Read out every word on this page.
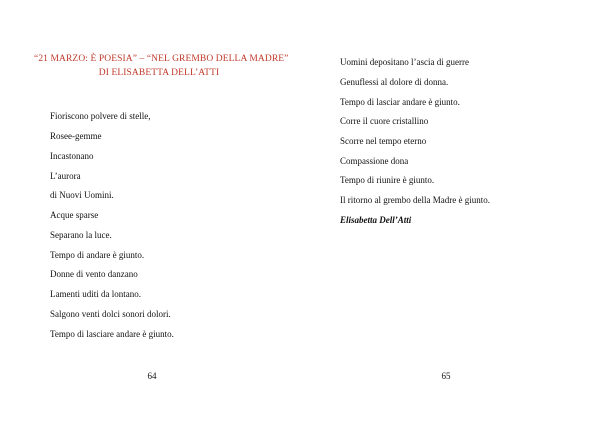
“21 MARZO: È POESIA” – “NEL GREMBO DELLA MADRE”
DI ELISABETTA DELL’ATTI
Fioriscono polvere di stelle,
Rosee-gemme
Incastonano
L’aurora
di Nuovi Uomini.
Acque sparse
Separano la luce.
Tempo di andare è giunto.
Donne di vento danzano
Lamenti uditi da lontano.
Salgono venti dolci sonori dolori.
Tempo di lasciare andare è giunto.
64
Uomini depositano l’ascia di guerre
Genuflessi al dolore di donna.
Tempo di lasciar andare è giunto.
Corre il cuore cristallino
Scorre nel tempo eterno
Compassione dona
Tempo di riunire è giunto.
Il ritorno al grembo della Madre è giunto.
Elisabetta Dell’Atti
65
